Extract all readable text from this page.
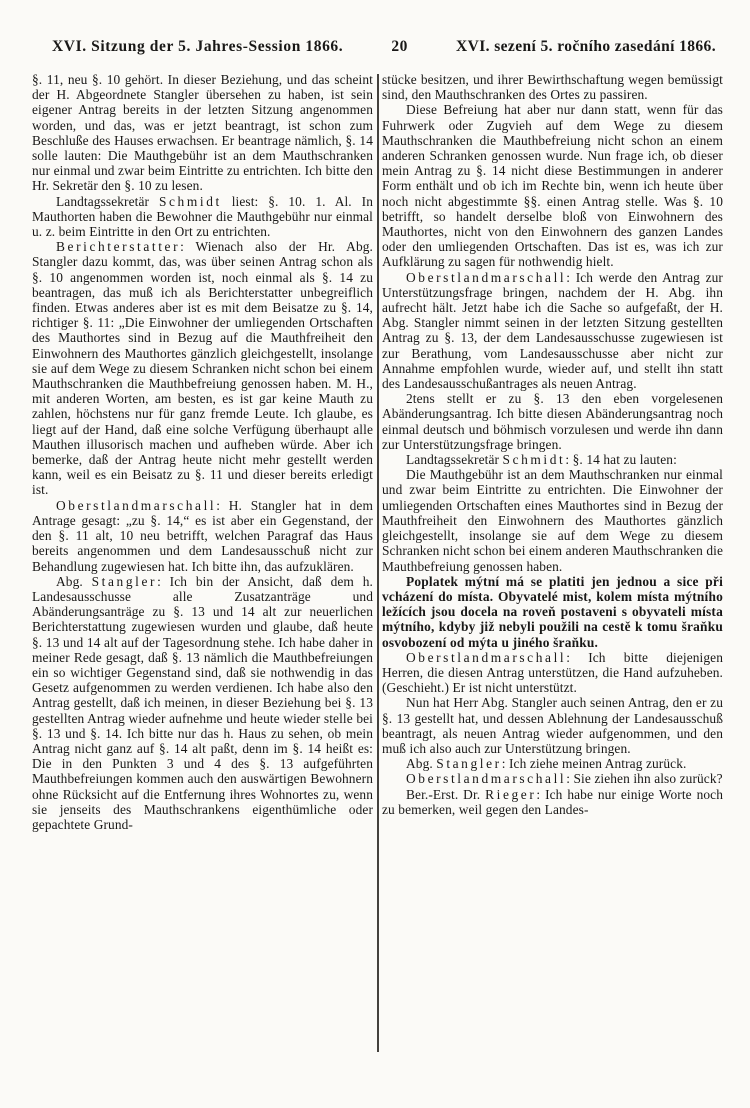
XVI. Sitzung der 5. Jahres-Session 1866.	20	XVI. sezení 5. ročního zasedání 1866.

§. 11, neu §. 10 gehört. In dieser Beziehung, und das scheint der H. Abgeordnete Stangler übersehen zu haben, ist sein eigener Antrag bereits in der letzten Sitzung angenommen worden, und das, was er jetzt beantragt, ist schon zum Beschluße des Hauses erwachsen. Er beantrage nämlich, §. 14 solle lauten: Die Mauthgebühr ist an dem Mauthschranken nur einmal und zwar beim Eintritte zu entrichten. Ich bitte den Hr. Sekretär den §. 10 zu lesen.

Landtagssekretär Schmidt liest: §. 10. 1. Al. In Mauthorten haben die Bewohner die Mauthgebühr nur einmal u. z. beim Eintritte in den Ort zu entrichten.

Berichterstatter: Wienach also der Hr. Abg. Stangler dazu kommt, das, was über seinen Antrag schon als §. 10 angenommen worden ist, noch einmal als §. 14 zu beantragen, das muß ich als Berichterstatter unbegreiflich finden. Etwas anderes aber ist es mit dem Beisatze zu §. 14, richtiger §. 11: „Die Einwohner der umliegenden Ortschaften des Mauthortes sind in Bezug auf die Mauthfreiheit den Einwohnern des Mauthortes gänzlich gleichgestellt, insolange sie auf dem Wege zu diesem Schranken nicht schon bei einem Mauthschranken die Mauthbefreiung genossen haben. M. H., mit anderen Worten, am besten, es ist gar keine Mauth zu zahlen, höchstens nur für ganz fremde Leute. Ich glaube, es liegt auf der Hand, daß eine solche Verfügung überhaupt alle Mauthen illusorisch machen und aufheben würde. Aber ich bemerke, daß der Antrag heute nicht mehr gestellt werden kann, weil es ein Beisatz zu §. 11 und dieser bereits erledigt ist.

Oberstlandmarschall: H. Stangler hat in dem Antrage gesagt: „zu §. 14,“ es ist aber ein Gegenstand, der den §. 11 alt, 10 neu betrifft, welchen Paragraf das Haus bereits angenommen und dem Landesausschuß nicht zur Behandlung zugewiesen hat. Ich bitte ihn, das aufzuklären.

Abg. Stangler: Ich bin der Ansicht, daß dem h. Landesausschusse alle Zusatzanträge und Abänderungsanträge zu §. 13 und 14 alt zur neuerlichen Berichterstattung zugewiesen wurden und glaube, daß heute §. 13 und 14 alt auf der Tagesordnung stehe. Ich habe daher in meiner Rede gesagt, daß §. 13 nämlich die Mauthbefreiungen ein so wichtiger Gegenstand sind, daß sie nothwendig in das Gesetz aufgenommen zu werden verdienen. Ich habe also den Antrag gestellt, daß ich meinen, in dieser Beziehung bei §. 13 gestellten Antrag wieder aufnehme und heute wieder stelle bei §. 13 und §. 14. Ich bitte nur das h. Haus zu sehen, ob mein Antrag nicht ganz auf §. 14 alt paßt, denn im §. 14 heißt es: Die in den Punkten 3 und 4 des §. 13 aufgeführten Mauthbefreiungen kommen auch den auswärtigen Bewohnern ohne Rücksicht auf die Entfernung ihres Wohnortes zu, wenn sie jenseits des Mauthschrankens eigenthümliche oder gepachtete Grund-

stücke besitzen, und ihrer Bewirthschaftung wegen bemüssigt sind, den Mauthschranken des Ortes zu passiren.

Diese Befreiung hat aber nur dann statt, wenn für das Fuhrwerk oder Zugvieh auf dem Wege zu diesem Mauthschranken die Mauthbefreiung nicht schon an einem anderen Schranken genossen wurde. Nun frage ich, ob dieser mein Antrag zu §. 14 nicht diese Bestimmungen in anderer Form enthält und ob ich im Rechte bin, wenn ich heute über noch nicht abgestimmte §§. einen Antrag stelle. Was §. 10 betrifft, so handelt derselbe bloß von Einwohnern des Mauthortes, nicht von den Einwohnern des ganzen Landes oder den umliegenden Ortschaften. Das ist es, was ich zur Aufklärung zu sagen für nothwendig hielt.

Oberstlandmarschall: Ich werde den Antrag zur Unterstützungsfrage bringen, nachdem der H. Abg. ihn aufrecht hält. Jetzt habe ich die Sache so aufgefaßt, der H. Abg. Stangler nimmt seinen in der letzten Sitzung gestellten Antrag zu §. 13, der dem Landesausschusse zugewiesen ist zur Berathung, vom Landesausschusse aber nicht zur Annahme empfohlen wurde, wieder auf, und stellt ihn statt des Landesausschußantrages als neuen Antrag.

2tens stellt er zu §. 13 den eben vorgelesenen Abänderungsantrag. Ich bitte diesen Abänderungsantrag noch einmal deutsch und böhmisch vorzulesen und werde ihn dann zur Unterstützungsfrage bringen.

Landtagssekretär Schmidt: §. 14 hat zu lauten:

Die Mauthgebühr ist an dem Mauthschranken nur einmal und zwar beim Eintritte zu entrichten. Die Einwohner der umliegenden Ortschaften eines Mauthortes sind in Bezug der Mauthfreiheit den Einwohnern des Mauthortes gänzlich gleichgestellt, insolange sie auf dem Wege zu diesem Schranken nicht schon bei einem anderen Mauthschranken die Mauthbefreiung genossen haben.

Poplatek mýtní má se platiti jen jednou a sice při vcházení do místa. Obyvatelé mist, kolem místa mýtního ležících jsou docela na roveň postaveni s obyvateli místa mýtního, kdyby již nebyli použili na cestě k tomu šraňku osvobození od mýta u jiného šraňku.

Oberstlandmarschall: Ich bitte diejenigen Herren, die diesen Antrag unterstützen, die Hand aufzuheben. (Geschieht.) Er ist nicht unterstützt.

Nun hat Herr Abg. Stangler auch seinen Antrag, den er zu §. 13 gestellt hat, und dessen Ablehnung der Landesausschuß beantragt, als neuen Antrag wieder aufgenommen, und den muß ich also auch zur Unterstützung bringen.

Abg. Stangler: Ich ziehe meinen Antrag zurück.

Oberstlandmarschall: Sie ziehen ihn also zurück?

Ber.-Erst. Dr. Rieger: Ich habe nur einige Worte noch zu bemerken, weil gegen den Landes-
